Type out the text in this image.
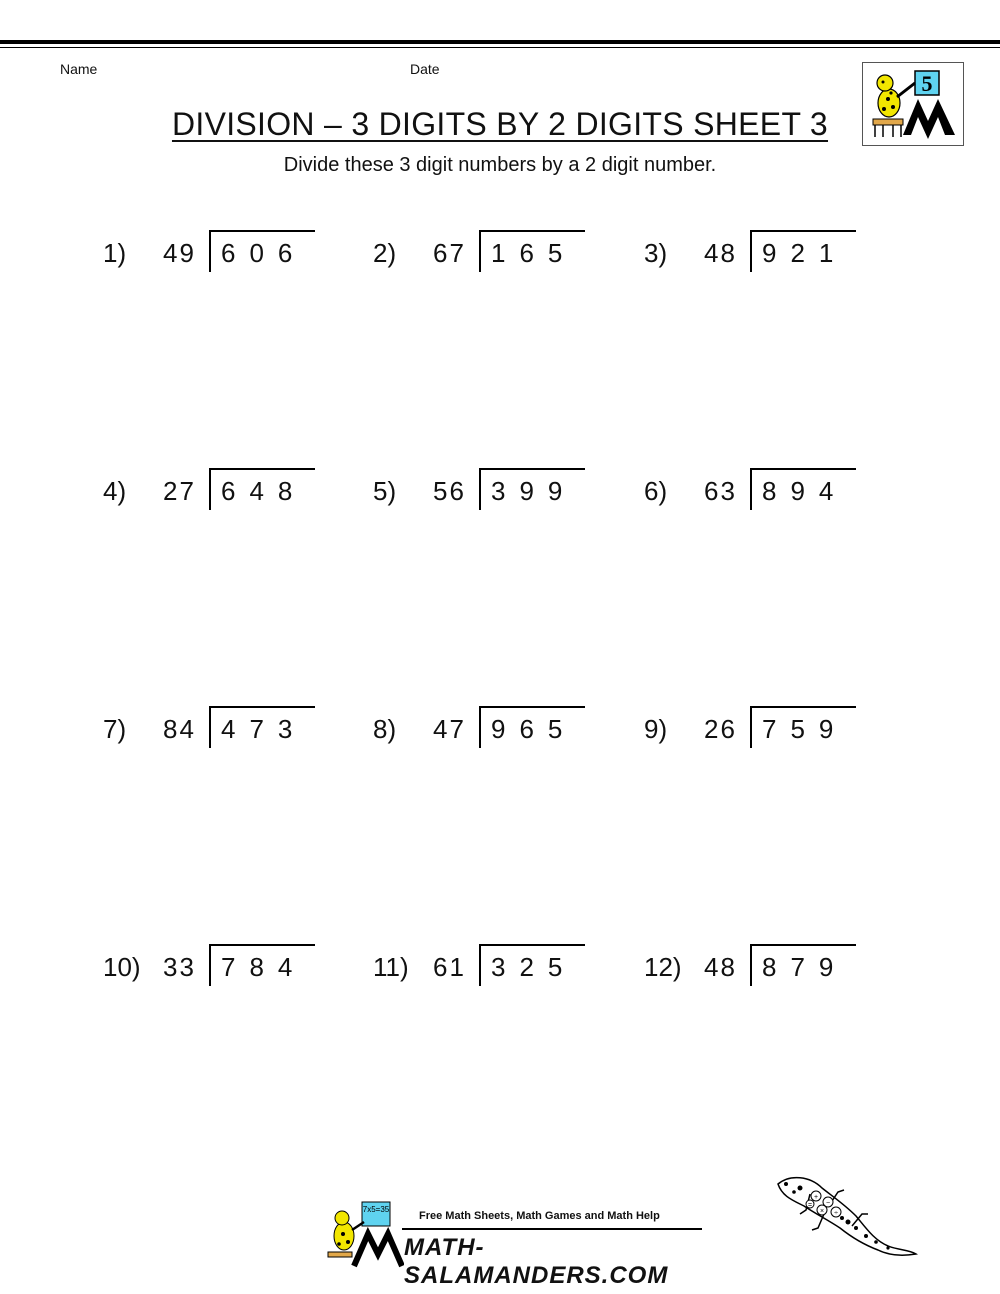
Name	Date
5
DIVISION – 3 DIGITS BY 2 DIGITS SHEET 3
Divide these 3 digit numbers by a 2 digit number.
1) 49 606	2) 67 165	3) 48 921
4) 27 648	5) 56 399	6) 63 894
7) 84 473	8) 47 965	9) 26 759
10) 33 784	11) 61 325	12) 48 879
7x5=35
Free Math Sheets, Math Games and Math Help
MATH-SALAMANDERS.COM
+
−
× ÷
=
